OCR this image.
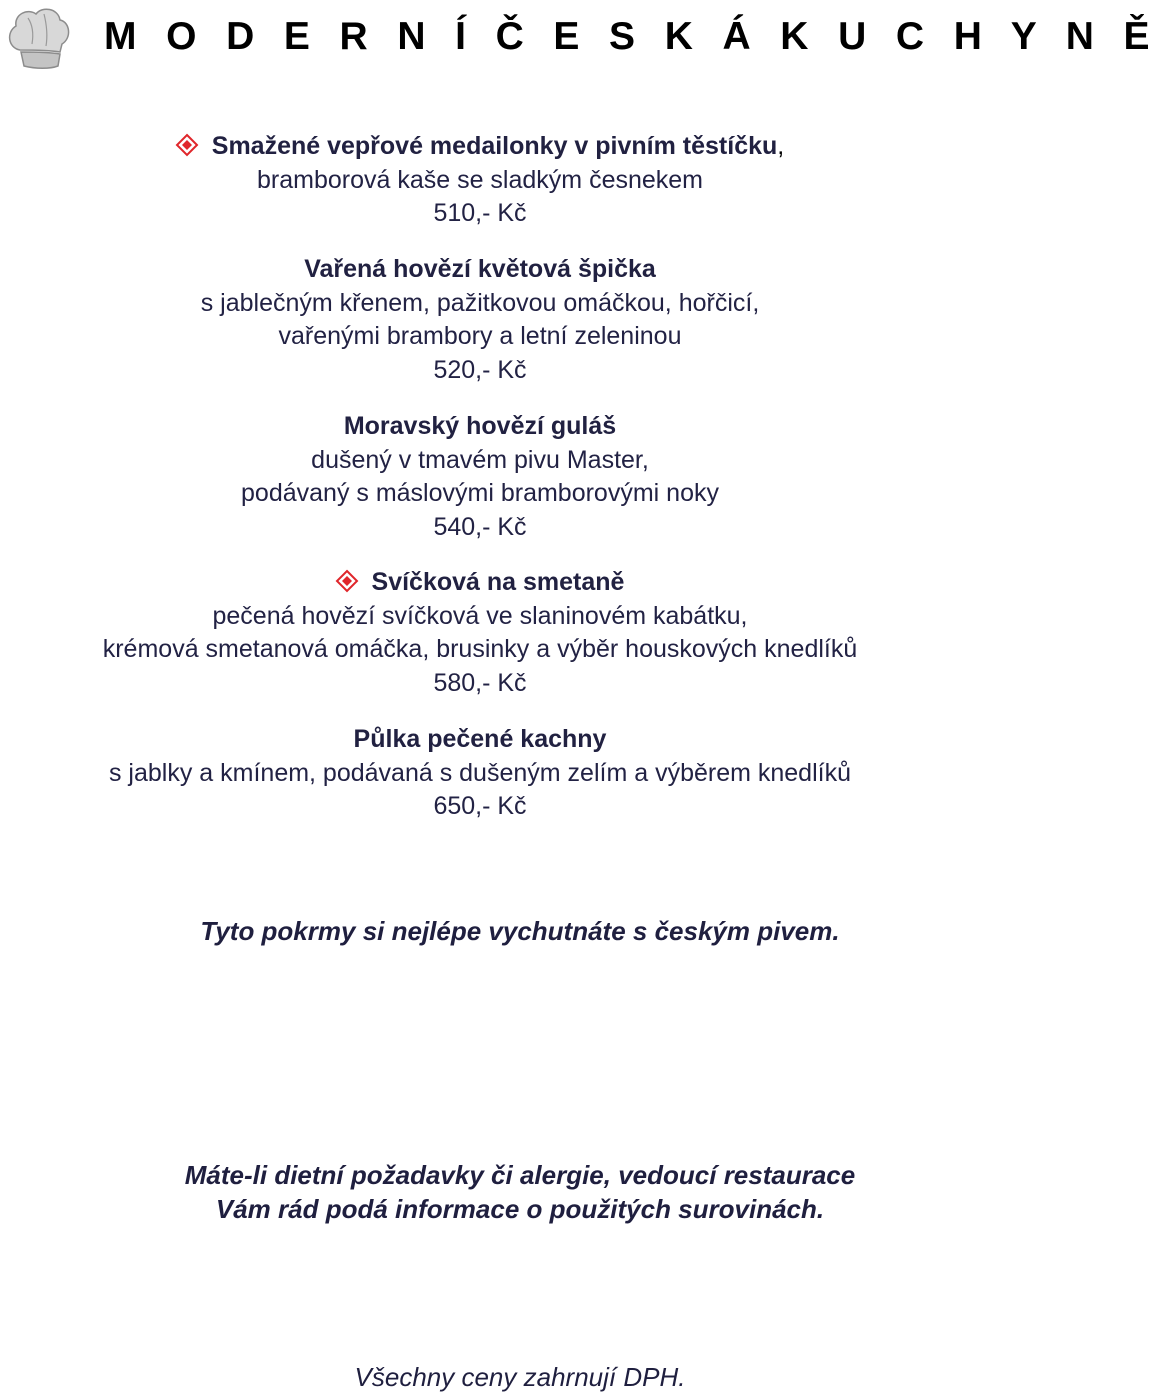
M O D E R N Í Č E S K Á K U C H Y N Ě
Smažené vepřové medailonky v pivním těstíčku,
bramborová kaše se sladkým česnekem
510,- Kč
Vařená hovězí květová špička
s jablečným křenem, pažitkovou omáčkou, hořčicí,
vařenými brambory a letní zeleninou
520,- Kč
Moravský hovězí guláš
dušený v tmavém pivu Master,
podávaný s máslovými bramborovými noky
540,- Kč
Svíčková na smetaně
pečená hovězí svíčková ve slaninovém kabátku,
krémová smetanová omáčka, brusinky a výběr houskových knedlíků
580,- Kč
Půlka pečené kachny
s jablky a kmínem, podávaná s dušeným zelím a výběrem knedlíků
650,- Kč
Tyto pokrmy si nejlépe vychutnáte s českým pivem.
Máte-li dietní požadavky či alergie, vedoucí restaurace
Vám rád podá informace o použitých surovinách.
Všechny ceny zahrnují DPH.
